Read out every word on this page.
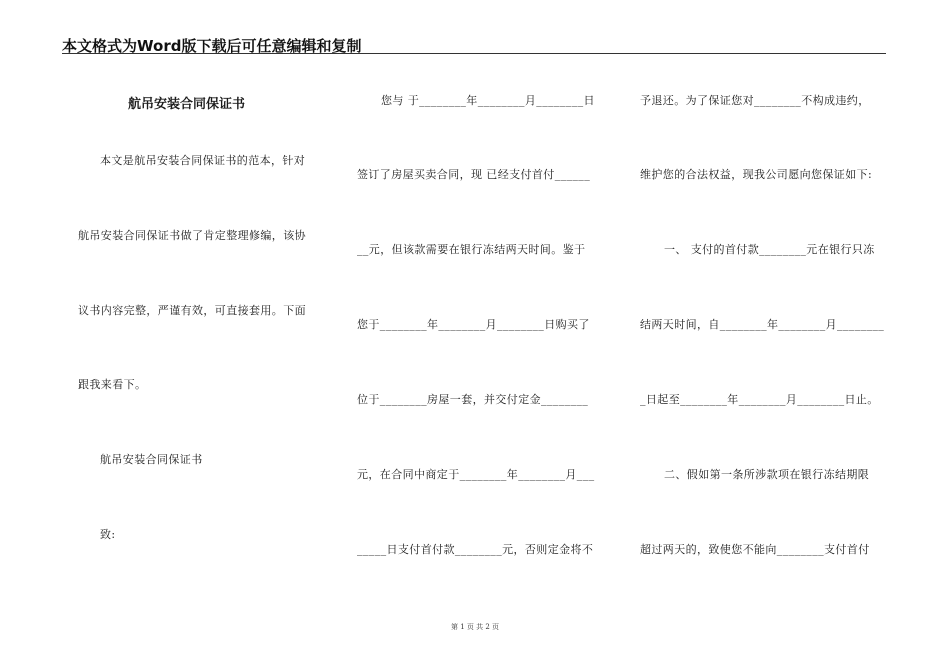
本文格式为Word版下载后可任意编辑和复制
航吊安装合同保证书
本文是航吊安装合同保证书的范本，针对
航吊安装合同保证书做了肯定整理修编，该协
议书内容完整，严谨有效，可直接套用。下面
跟我来看下。
航吊安装合同保证书
致:
您与 于________年________月________日
签订了房屋买卖合同，现 已经支付首付______
__元，但该款需要在银行冻结两天时间。鉴于
您于________年________月________日购买了
位于________房屋一套，并交付定金________
元，在合同中商定于________年________月___
_____日支付首付款________元，否则定金将不
予退还。为了保证您对________不构成违约，
维护您的合法权益，现我公司愿向您保证如下:
一、 支付的首付款________元在银行只冻
结两天时间，自________年________月________
_日起至________年________月________日止。
二、假如第一条所涉款项在银行冻结期限
超过两天的，致使您不能向________支付首付
第 1 页 共 2 页
